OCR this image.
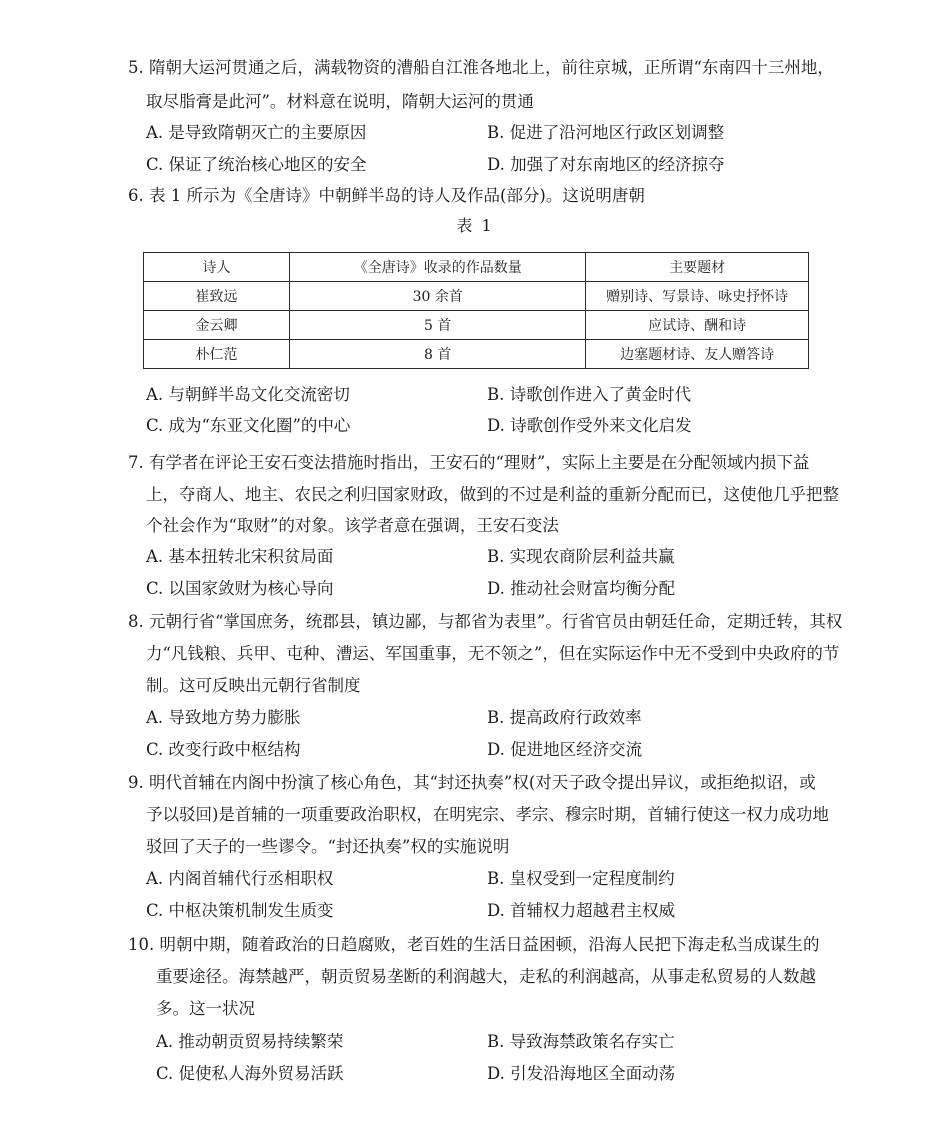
5. 隋朝大运河贯通之后，满载物资的漕船自江淮各地北上，前往京城，正所谓“东南四十三州地，
取尽脂膏是此河”。材料意在说明，隋朝大运河的贯通
A. 是导致隋朝灭亡的主要原因	B. 促进了沿河地区行政区划调整
C. 保证了统治核心地区的安全	D. 加强了对东南地区的经济掠夺
6. 表 1 所示为《全唐诗》中朝鲜半岛的诗人及作品(部分)。这说明唐朝
表 1
诗人	《全唐诗》收录的作品数量	主要题材
崔致远	30 余首	赠别诗、写景诗、咏史抒怀诗
金云卿	5 首	应试诗、酬和诗
朴仁范	8 首	边塞题材诗、友人赠答诗
A. 与朝鲜半岛文化交流密切	B. 诗歌创作进入了黄金时代
C. 成为“东亚文化圈”的中心	D. 诗歌创作受外来文化启发
7. 有学者在评论王安石变法措施时指出，王安石的“理财”，实际上主要是在分配领域内损下益
上，夺商人、地主、农民之利归国家财政，做到的不过是利益的重新分配而已，这使他几乎把整
个社会作为“取财”的对象。该学者意在强调，王安石变法
A. 基本扭转北宋积贫局面	B. 实现农商阶层利益共赢
C. 以国家敛财为核心导向	D. 推动社会财富均衡分配
8. 元朝行省“掌国庶务，统郡县，镇边鄙，与都省为表里”。行省官员由朝廷任命，定期迁转，其权
力“凡钱粮、兵甲、屯种、漕运、军国重事，无不领之”，但在实际运作中无不受到中央政府的节
制。这可反映出元朝行省制度
A. 导致地方势力膨胀	B. 提高政府行政效率
C. 改变行政中枢结构	D. 促进地区经济交流
9. 明代首辅在内阁中扮演了核心角色，其“封还执奏”权(对天子政令提出异议，或拒绝拟诏，或
予以驳回)是首辅的一项重要政治职权，在明宪宗、孝宗、穆宗时期，首辅行使这一权力成功地
驳回了天子的一些谬令。“封还执奏”权的实施说明
A. 内阁首辅代行丞相职权	B. 皇权受到一定程度制约
C. 中枢决策机制发生质变	D. 首辅权力超越君主权威
10. 明朝中期，随着政治的日趋腐败，老百姓的生活日益困顿，沿海人民把下海走私当成谋生的
重要途径。海禁越严，朝贡贸易垄断的利润越大，走私的利润越高，从事走私贸易的人数越
多。这一状况
A. 推动朝贡贸易持续繁荣	B. 导致海禁政策名存实亡
C. 促使私人海外贸易活跃	D. 引发沿海地区全面动荡
